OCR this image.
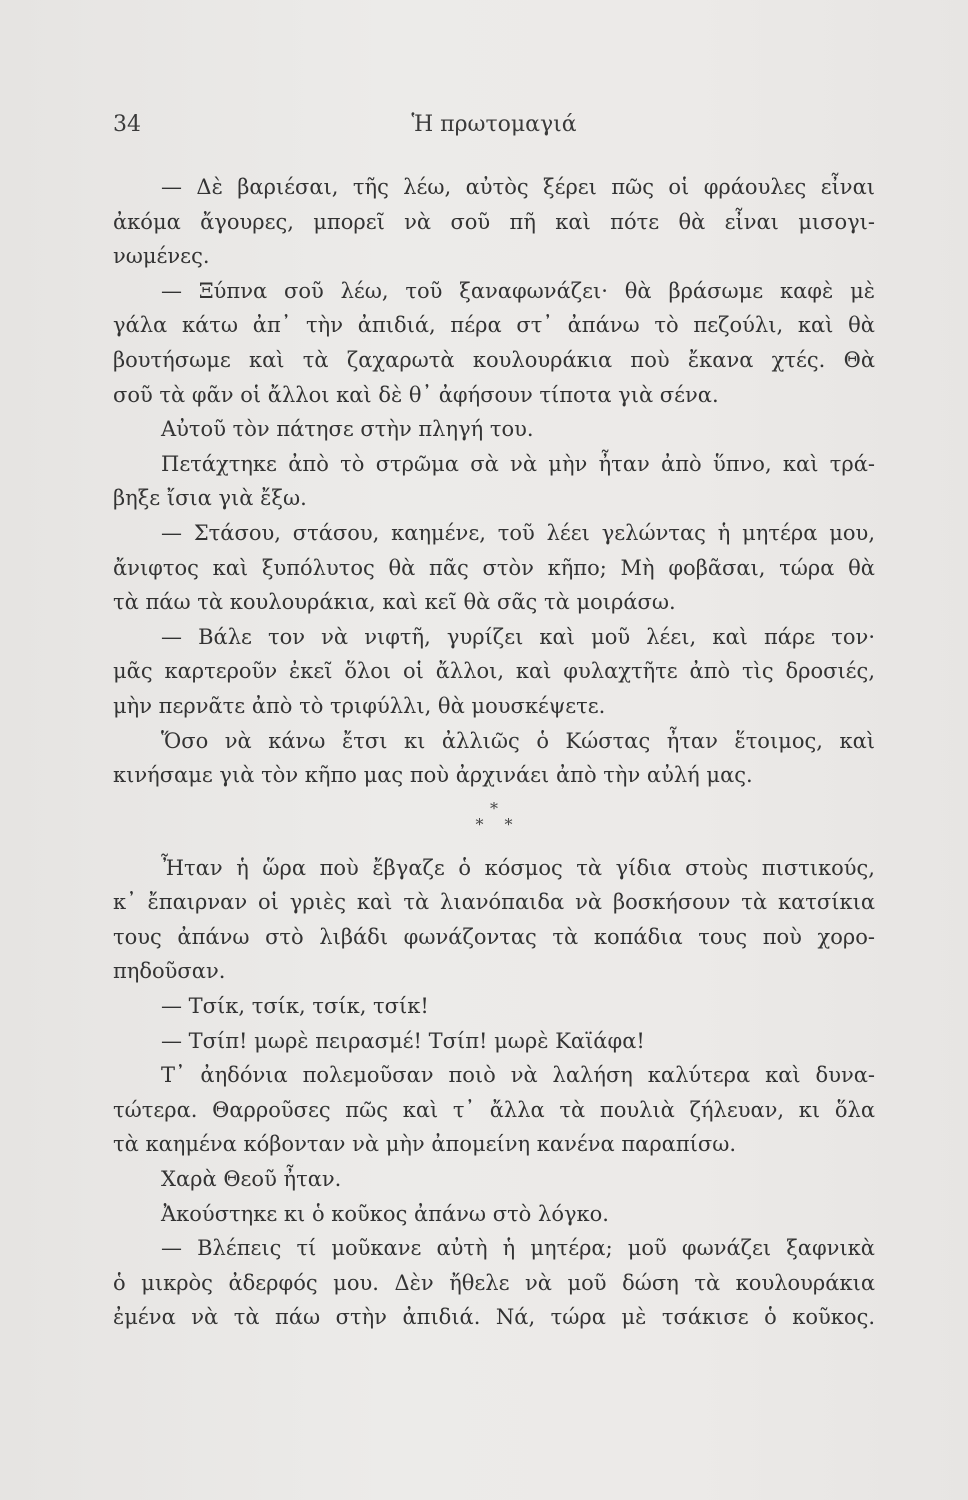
34	Ἡ πρωτομαγιά
— Δὲ βαριέσαι, τῆς λέω, αὐτὸς ξέρει πῶς οἱ φράουλες εἶναι
ἀκόμα ἄγουρες, μπορεῖ νὰ σοῦ πῆ καὶ πότε θὰ εἶναι μισογι-
νωμένες.
— Ξύπνα σοῦ λέω, τοῦ ξαναφωνάζει· θὰ βράσωμε καφὲ μὲ
γάλα κάτω ἀπ᾽ τὴν ἀπιδιά, πέρα στ᾽ ἀπάνω τὸ πεζούλι, καὶ θὰ
βουτήσωμε καὶ τὰ ζαχαρωτὰ κουλουράκια ποὺ ἔκανα χτές. Θὰ
σοῦ τὰ φᾶν οἱ ἄλλοι καὶ δὲ θ᾽ ἀφήσουν τίποτα γιὰ σένα.
Αὐτοῦ τὸν πάτησε στὴν πληγή του.
Πετάχτηκε ἀπὸ τὸ στρῶμα σὰ νὰ μὴν ἦταν ἀπὸ ὕπνο, καὶ τρά-
βηξε ἴσια γιὰ ἔξω.
— Στάσου, στάσου, καημένε, τοῦ λέει γελώντας ἡ μητέρα μου,
ἄνιφτος καὶ ξυπόλυτος θὰ πᾶς στὸν κῆπο; Μὴ φοβᾶσαι, τώρα θὰ
τὰ πάω τὰ κουλουράκια, καὶ κεῖ θὰ σᾶς τὰ μοιράσω.
— Βάλε τον νὰ νιφτῆ, γυρίζει καὶ μοῦ λέει, καὶ πάρε τον·
μᾶς καρτεροῦν ἐκεῖ ὅλοι οἱ ἄλλοι, καὶ φυλαχτῆτε ἀπὸ τὶς δροσιές,
μὴν περνᾶτε ἀπὸ τὸ τριφύλλι, θὰ μουσκέψετε.
Ὅσο νὰ κάνω ἔτσι κι ἀλλιῶς ὁ Κώστας ἦταν ἕτοιμος, καὶ
κινήσαμε γιὰ τὸν κῆπο μας ποὺ ἀρχινάει ἀπὸ τὴν αὐλή μας.
*
* *
Ἦταν ἡ ὥρα ποὺ ἔβγαζε ὁ κόσμος τὰ γίδια στοὺς πιστικούς,
κ᾽ ἔπαιρναν οἱ γριὲς καὶ τὰ λιανόπαιδα νὰ βοσκήσουν τὰ κατσίκια
τους ἀπάνω στὸ λιβάδι φωνάζοντας τὰ κοπάδια τους ποὺ χορο-
πηδοῦσαν.
— Τσίκ, τσίκ, τσίκ, τσίκ!
— Τσίπ! μωρὲ πειρασμέ! Τσίπ! μωρὲ Καϊάφα!
Τ᾽ ἀηδόνια πολεμοῦσαν ποιὸ νὰ λαλήση καλύτερα καὶ δυνα-
τώτερα. Θαρροῦσες πῶς καὶ τ᾽ ἄλλα τὰ πουλιὰ ζήλευαν, κι ὅλα
τὰ καημένα κόβονταν νὰ μὴν ἀπομείνη κανένα παραπίσω.
Χαρὰ Θεοῦ ἦταν.
Ἀκούστηκε κι ὁ κοῦκος ἀπάνω στὸ λόγκο.
— Βλέπεις τί μοῦκανε αὐτὴ ἡ μητέρα; μοῦ φωνάζει ξαφνικὰ
ὁ μικρὸς ἀδερφός μου. Δὲν ἤθελε νὰ μοῦ δώση τὰ κουλουράκια
ἐμένα νὰ τὰ πάω στὴν ἀπιδιά. Νά, τώρα μὲ τσάκισε ὁ κοῦκος.
